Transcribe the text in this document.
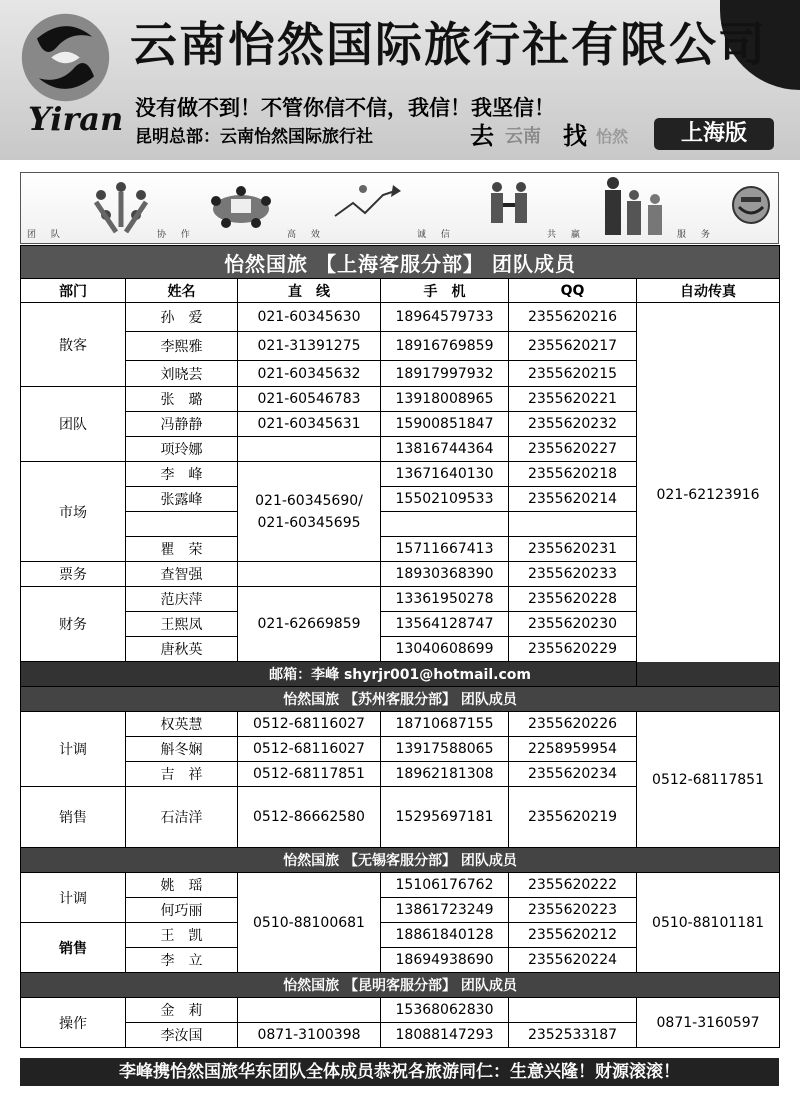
Yiran
云南怡然国际旅行社有限公司
没有做不到！不管你信不信，我信！我坚信！
昆明总部：云南怡然国际旅行社	去 云南 找 怡然	上海版
团 队	协 作	高 效	诚 信	共 赢	服 务
怡然国旅 【上海客服分部】 团队成员					
部门	姓名	直　线	手　机	QQ	自动传真
散客	孙　爱	021-60345630	18964579733	2355620216	021-62123916
	李熙雅	021-31391275	18916769859	2355620217	
	刘晓芸	021-60345632	18917997932	2355620215	
团队	张　璐	021-60546783	13918008965	2355620221	
	冯静静	021-60345631	15900851847	2355620232	
	项玲娜		13816744364	2355620227	
市场	李　峰	021-60345690/ 021-60345695	13671640130	2355620218	
	张露峰		15502109533	2355620214	

	瞿　荣		15711667413	2355620231	
票务	查智强		18930368390	2355620233	
财务	范庆萍	021-62669859	13361950278	2355620228	
	王熙凤		13564128747	2355620230	
	唐秋英		13040608699	2355620229	
邮箱：李峰 shyrjr001@hotmail.com					
怡然国旅 【苏州客服分部】 团队成员					
计调	权英慧	0512-68116027	18710687155	2355620226	0512-68117851
	斛冬娴	0512-68116027	13917588065	2258959954	
	吉　祥	0512-68117851	18962181308	2355620234	
销售	石洁洋	0512-86662580	15295697181	2355620219	
怡然国旅 【无锡客服分部】 团队成员					
计调	姚　瑶	0510-88100681	15106176762	2355620222	0510-88101181
	何巧丽		13861723249	2355620223	
销售	王　凯		18861840128	2355620212	
	李　立		18694938690	2355620224	
怡然国旅 【昆明客服分部】 团队成员					
操作	金　莉		15368062830		0871-3160597
	李汝国	0871-3100398	18088147293	2352533187	
李峰携怡然国旅华东团队全体成员恭祝各旅游同仁：生意兴隆！财源滚滚！
